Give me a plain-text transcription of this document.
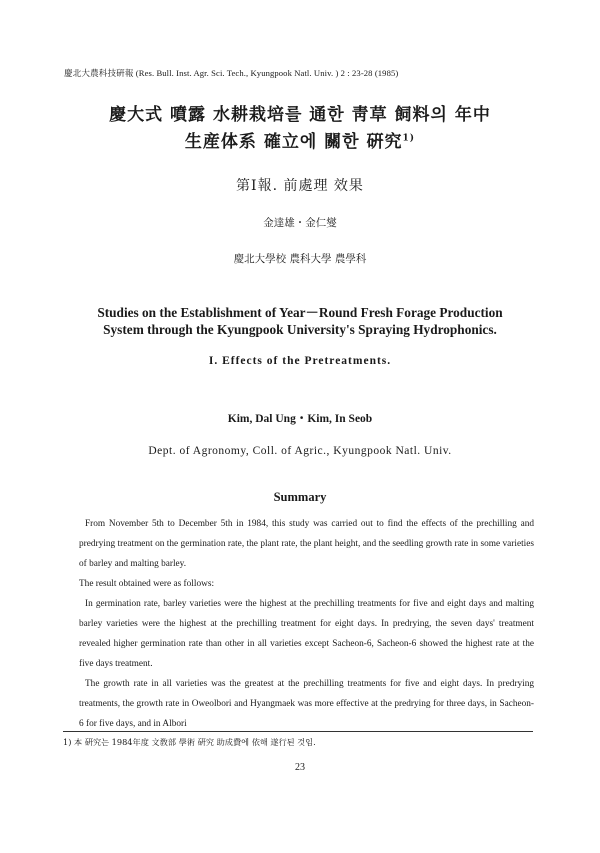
慶北大農科技硏報 (Res. Bull. Inst. Agr. Sci. Tech., Kyungpook Natl. Univ. ) 2 : 23-28 (1985)
慶大式 噴露 水耕栽培를 通한 靑草 飼料의 年中
生産体系 確立에 關한 硏究$^{1)}$
第Ⅰ報. 前處理 效果
金達雄・金仁燮
慶北大學校 農科大學 農學科
Studies on the Establishment of Year－Round Fresh Forage Production
System through the Kyungpook University's Spraying Hydrophonics.
I. Effects of the Pretreatments.
Kim, Dal Ung・Kim, In Seob
Dept. of Agronomy, Coll. of Agric., Kyungpook Natl. Univ.
Summary

From November 5th to December 5th in 1984, this study was carried out to find the effects of the prechilling and predrying treatment on the germination rate, the plant rate, the plant height, and the seedling growth rate in some varieties of barley and malting barley.

The result obtained were as follows:

In germination rate, barley varieties were the highest at the prechilling treatments for five and eight days and malting barley varieties were the highest at the prechilling treatment for eight days. In predrying, the seven days' treatment revealed higher germination rate than other in all varieties except Sacheon-6, Sacheon-6 showed the highest rate at the five days treatment.

The growth rate in all varieties was the greatest at the prechilling treatments for five and eight days. In predrying treatments, the growth rate in Oweolbori and Hyangmaek was more effective at the predrying for three days, in Sacheon-6 for five days, and in Albori

1) 本 硏究는 1984年度 文敎部 學術 硏究 助成費에 依해 遂行된 것임.
23
